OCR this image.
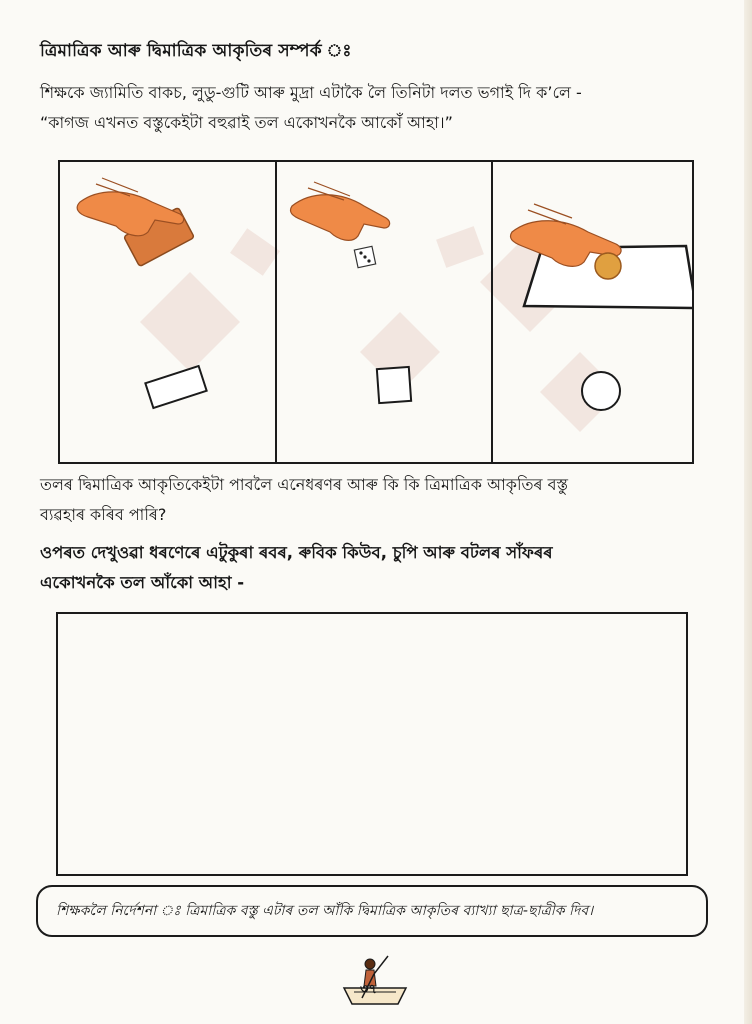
ত্ৰিমাত্ৰিক আৰু দ্বিমাত্ৰিক আকৃতিৰ সম্পৰ্ক ঃ
শিক্ষকে জ্যামিতি বাকচ, লুডু-গুটি আৰু মুদ্ৰা এটাকৈ লৈ তিনিটা দলত ভগাই দি ক’লে -
“কাগজ এখনত বস্তুকেইটা বহুৱাই তল একোখনকৈ আকোঁ আহা।”
তলৰ দ্বিমাত্ৰিক আকৃতিকেইটা পাবলৈ এনেধৰণৰ আৰু কি কি ত্ৰিমাত্ৰিক আকৃতিৰ বস্তু
ব্যৱহাৰ কৰিব পাৰি?
ওপৰত দেখুওৱা ধৰণেৰে এটুকুৰা ৰবৰ, ৰুবিক কিউব, চুপি আৰু বটলৰ সাঁফৰৰ
একোখনকৈ তল আঁকো আহা -
শিক্ষকলৈ নিৰ্দেশনা ঃ ত্ৰিমাত্ৰিক বস্তু এটাৰ তল আঁকি দ্বিমাত্ৰিক আকৃতিৰ ব্যাখ্যা ছাত্ৰ-ছাত্ৰীক দিব।
৩৭
